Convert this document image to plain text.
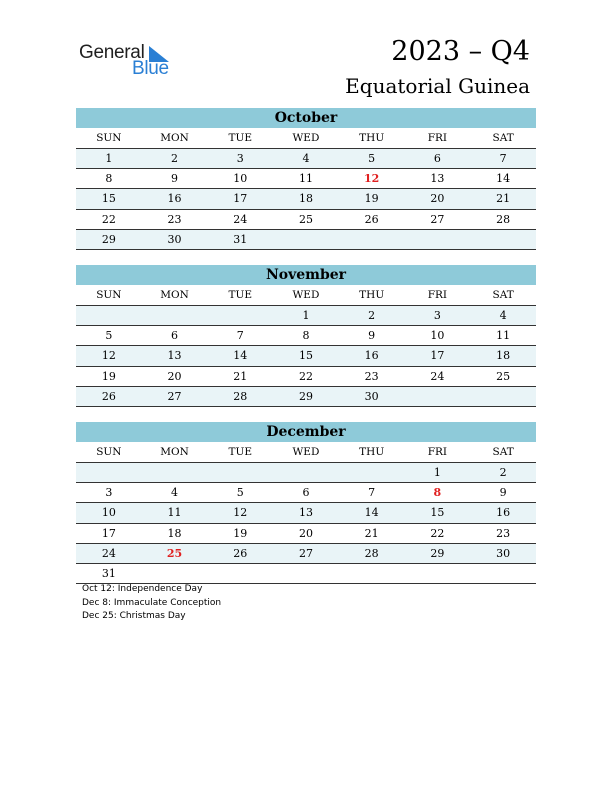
General
Blue
2023 – Q4
Equatorial Guinea
October
SUN	MON	TUE	WED	THU	FRI	SAT
1	2	3	4	5	6	7
8	9	10	11	12	13	14
15	16	17	18	19	20	21
22	23	24	25	26	27	28
29	30	31				
November
SUN	MON	TUE	WED	THU	FRI	SAT
			1	2	3	4
5	6	7	8	9	10	11
12	13	14	15	16	17	18
19	20	21	22	23	24	25
26	27	28	29	30		
December
SUN	MON	TUE	WED	THU	FRI	SAT
					1	2
3	4	5	6	7	8	9
10	11	12	13	14	15	16
17	18	19	20	21	22	23
24	25	26	27	28	29	30
31						
Oct 12: Independence Day
Dec 8: Immaculate Conception
Dec 25: Christmas Day
